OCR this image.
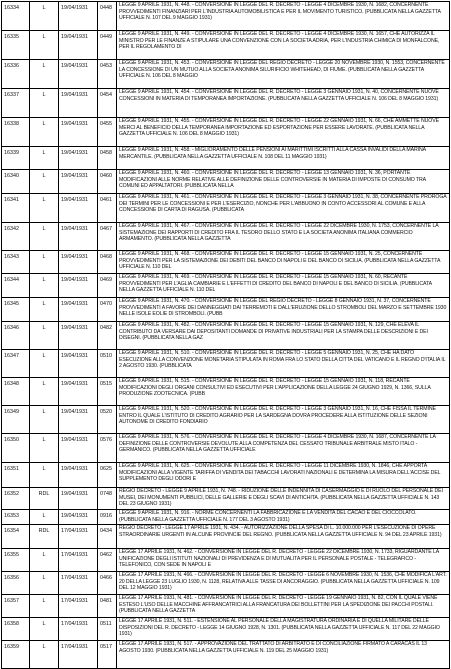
16334	L	19/04/1931	0448	LEGGE 9 APRILE 1931, N. 448. - CONVERSIONE IN LEGGE DEL R. DECRETO - LEGGE 4 DICEMBRE 1930, N. 1682, CONCERNENTE PROVVEDIMENTI FINANZIARI PER L'INDUSTRIA AUTOMOBILISTICA E PER IL MOVIMENTO TURISTICO. (PUBBLICATA NELLA GAZZETTA UFFICIALE N. 107 DEL 9 MAGGIO 1931)
16335	L	19/04/1931	0449	LEGGE 9 APRILE 1931, N. 449. - CONVERSIONE IN LEGGE DEL R. DECRETO - LEGGE 4 DICEMBRE 1930, N. 1657, CHE AUTORIZZA IL MINISTRO PER LE FINANZE A STIPULARE UNA CONVENZIONE CON LA SOCIETA ADRIA, PER L'INDUSTRIA CHIMICA DI MONFALCONE, PER IL REGOLAMENTO DI
16336	L	19/04/1931	0453	LEGGE 9 APRILE 1931, N. 453. - CONVERSIONE IN LEGGE DEL REGIO DECRETO - LEGGE 20 NOVEMBRE 1930, N. 1553, CONCERNENTE LA CONCESSIONE DI UN MUTUO ALLA SOCIETA ANONIMA SILURIFICIO WHITEHEAD, DI FIUME. (PUBBLICATA NELLA GAZZETTA UFFICIALE N. 106 DEL 8 MAGGIO
16337	L	19/04/1931	0454	LEGGE 9 APRILE 1931, N. 454. - CONVERSIONE IN LEGGE DEL R. DECRETO - LEGGE 3 GENNAIO 1931, N. 40, CONCERNENTE NUOVE CONCESSIONI IN MATERIA DI TEMPORANEA IMPORTAZIONE. (PUBBLICATA NELLA GAZZETTA UFFICIALE N. 106 DEL 8 MAGGIO 1931)
16338	L	19/04/1931	0455	LEGGE 9 APRILE 1931, N. 455. - CONVERSIONE IN LEGGE DEL R. DECRETO - LEGGE 22 GENNAIO 1931, N. 66, CHE AMMETTE NUOVE MERCI AL BENEFICIO DELLA TEMPORANEA IMPORTAZIONE ED ESPORTAZIONE PER ESSERE LAVORATE. (PUBBLICATA NELLA GAZZETTA UFFICIALE N. 106 DEL 8 MAGGIO 1931)
16339	L	19/04/1931	0458	LEGGE 9 APRILE 1931, N. 458. - MIGLIORAMENTO DELLE PENSIONI AI MARITTIMI ISCRITTI ALLA CASSA INVALIDI DELLA MARINA MERCANTILE. (PUBBLICATA NELLA GAZZETTA UFFICIALE N. 108 DEL 11 MAGGIO 1931)
16340	L	19/04/1931	0460	LEGGE 9 APRILE 1931, N. 460. - CONVERSIONE IN LEGGE DEL R. DECRETO - LEGGE 13 GENNAIO 1931, N. 36, PORTANTE MODIFICAZIONI ALLE NORME RELATIVE ALLE DEFINIZIONE DELLE CONTROVERSIE IN MATERIA DI IMPOSTE DI CONSUMO TRA COMUNI ED APPALTATORI. (PUBBLICATA NELLA
16341	L	19/04/1931	0461	LEGGE 9 APRILE 1931, N. 461. - CONVERSIONE IN LEGGE DEL R. DECRETO - LEGGE 3 GENNAIO 1931, N. 38, CONCERNENTE PROROGA DEI TERMINI PER LE CONCESSIONI E PER L'ESERCIZIO, NONCHE PER L'ABBUONO IN CONTO ACCESSORI AL COMUNE E ALLA CONCESSIONE DI CARTA DI RAGUSA. (PUBBLICATA
16342	L	19/04/1931	0467	LEGGE 9 APRILE 1931, N. 467. - CONVERSIONE IN LEGGE DEL R. DECRETO - LEGGE 22 DICEMBRE 1930, N. 1753, CONCERNENTE LA SISTEMAZIONE DEI RAPPORTI DI CREDITO FRA IL TESORO DELLO STATO E LA SOCIETA ANONIMA ITALIANA COMMERCIO ARMAMENTO. (PUBBLICATA NELLA GAZZETTA
16343	L	19/04/1931	0468	LEGGE 9 APRILE 1931, N. 468. - CONVERSIONE IN LEGGE DEL R. DECRETO - LEGGE 15 GENNAIO 1931, N. 25, CONCERNENTE PROVVEDIMENTI PER LA SISTEMAZIONE DEI DEBITI DEL BANCO DI NAPOLI E DEL BANCO DI SICILIA. (PUBBLICATA NELLA GAZZETTA UFFICIALE N. 110 DEL
16344	L	19/04/1931	0469	LEGGE 9 APRILE 1931, N. 469. - CONVERSIONE IN LEGGE DEL R. DECRETO - LEGGE 15 GENNAIO 1931, N. 60, RECANTE PROVVEDIMENTI PER L'AGLIA CAMBIARIE E L'EFFETTI DI CREDITO DEL BANCO DI NAPOLI E DEL BANCO DI SICILIA. (PUBBLICATA NELLA GAZZETTA UFFICIALE N. 110 DEL
16345	L	19/04/1931	0470	LEGGE 9 APRILE 1931, N. 470. - CONVERSIONE IN LEGGE DEL REGIO DECRETO - LEGGE 8 GENNAIO 1931, N. 37, CONCERNENTE PROVVEDIMENTI A FAVORE DEI DANNEGGIATI DAI TERREMOTI E DALL'ERUZIONE DELLO STROMBOLI DEL MARZO E SETTEMBRE 1930 NELLE ISOLE EOLIE DI STROMBOLI. (PUBB
16346	L	19/04/1931	0482	LEGGE 9 APRILE 1931, N. 482. - CONVERSIONE IN LEGGE DEL R. DECRETO - LEGGE 15 GENNAIO 1931, N. 129, CHE ELEVA IL CONTRIBUTO DA VERSARE DAI DEPOSITANTI DOMANDE DI PRIVATIVE INDUSTRIALI PER LA STAMPA DELLE DESCRIZIONI E DEI DISEGNI. (PUBBLICATA NELLA GAZ
16347	L	19/04/1931	0510	LEGGE 9 APRILE 1931, N. 510. - CONVERSIONE IN LEGGE DEL R. DECRETO - LEGGE 5 GENNAIO 1931, N. 25, CHE HA DATO ESECUZIONE ALLA CONVENZIONE MONETARIA STIPULATA IN ROMA FRA LO STATO DELLA CITTA DEL VATICANO E IL REGNO D'ITALIA IL 2 AGOSTO 1930. (PUBBLICATA
16348	L	19/04/1931	0515	LEGGE 9 APRILE 1931, N. 515. - CONVERSIONE IN LEGGE DEL R. DECRETO - LEGGE 15 GENNAIO 1931, N. 118, RECANTE MODIFICAZIONI DEGLI ORGANI CONSULTIVI ED ESECUTIVI PER L'APPLICAZIONE DELLA LEGGE 24 GIUGNO 1929, N. 1366, SULLA PRODUZIONE ZOOTECNICA. (PUBB
16349	L	19/04/1931	0520	LEGGE 9 APRILE 1931, N. 520. - CONVERSIONE IN LEGGE DEL R. DECRETO - LEGGE 3 GENNAIO 1931, N. 16, CHE FISSA IL TERMINE ENTRO IL QUALE L'ISTITUTO DI CREDITO AGRARIO PER LA SARDEGNA DOVRA PROCEDERE ALLA ISTITUZIONE DELLE SEZIONI AUTONOME DI CREDITO FONDIARIO
16350	L	19/04/1931	0576	LEGGE 9 APRILE 1931, N. 576. - CONVERSIONE IN LEGGE DEL R. DECRETO - LEGGE 4 DICEMBRE 1930, N. 1687, CONCERNENTE LA DEFINIZIONE DELLE CONTROVERSIE DEVOLUTE ALLA COMPETENZA DEL CESSATO TRIBUNALE ARBITRALE MISTO ITALO - GERMANICO. (PUBBLICATA NELLA GAZZETTA UFFICIALE
16351	L	19/04/1931	0625	LEGGE 9 APRILE 1931, N. 625. - CONVERSIONE IN LEGGE DEL R. DECRETO - LEGGE 11 DICEMBRE 1930, N. 1846, CHE APPORTA MODIFICAZIONI ALLA VIGENTE TARIFFA DI VENDITA DEI TABACCHI LAVORATI NAZIONALI E DETERMINA LA MISURA DELL'ACCISE DEL SUPPLEMENTO DEGLI ODORI E
16352	RDL	19/04/1931	0748	REGIO DECRETO - LEGGE 9 APRILE 1931, N. 748. - RIDUZIONE DELLE INDENNITA DI CASERMAGGIO E DI RUOLO DEL PERSONALE DEI MUSEI, DEI MONUMENTI PUBBLICI, DELLE GALLERIE E DEGLI SCAVI DI ANTICHITA. (PUBBLICATA NELLA GAZZETTA UFFICIALE N. 143 DEL 23 GIUGNO 1931)
16353	L	19/04/1931	0916	LEGGE 9 APRILE 1931, N. 916. - NORME CONCERNENTI LA FABBRICAZIONE E LA VENDITA DEL CACAO E DEL CIOCCOLATO. (PUBBLICATA NELLA GAZZETTA UFFICIALE N. 177 DEL 3 AGOSTO 1931)
16354	RDL	17/04/1931	0434	REGIO DECRETO - LEGGE 17 APRILE 1931, N. 434. - AUTORIZZAZIONE DELLA SPESA DI L. 10.000.000 PER L'ESECUZIONE DI OPERE STRAORDINARIE URGENTI IN ALCUNE PROVINCIE DEL REGNO. (PUBBLICATA NELLA GAZZETTA UFFICIALE N. 94 DEL 23 APRILE 1931)
16355	L	17/04/1931	0462	LEGGE 17 APRILE 1931, N. 462. - CONVERSIONE IN LEGGE DEL R. DECRETO - LEGGE 22 DICEMBRE 1930, N. 1733, RIGUARDANTE LA UNIFICAZIONE DEGLI ISTITUTI NAZIONALI DI PREVIDENZA E DI MUTUALITA PER IL PERSONALE POSTALE - TELEGRAFICO - TELEFONICO, CON SEDE IN NAPOLI E
16356	L	17/04/1931	0466	LEGGE 17 APRILE 1931, N. 466. - CONVERSIONE IN LEGGE DEL R. DECRETO - LEGGE 6 NOVEMBRE 1930, N. 1536, CHE MODIFICA L'ART. 20 DELLA LEGGE 23 LUGLIO 1930, N. 1128, RELATIVA ALLE TASSE DI ANCORAGGIO. (PUBBLICATA NELLA GAZZETTA UFFICIALE N. 109 DEL 12 MAGGIO 1931)
16357	L	17/04/1931	0481	LEGGE 17 APRILE 1931, N. 481. - CONVERSIONE IN LEGGE DEL R. DECRETO - LEGGE 19 GENNAIO 1931, N. 82, CON IL QUALE VIENE ESTESO L'USO DELLE MACCHINE AFFRANCATRICI ALLA FRANCATURA DEI BOLLETTINI PER LA SPEDIZIONE DEI PACCHI POSTALI. (PUBBLICATA NELLA GAZZETTA
16358	L	17/04/1931	0511	LEGGE 17 APRILE 1931, N. 511. - ESTENSIONE AL PERSONALE DELLA MAGISTRATURA ORDINARIA E DI QUELLA MILITARE DELLE DISPOSIZIONI DEL R. DECRETO - LEGGE 14 GIUGNO 1928, N. 1301. (PUBBLICATA NELLA GAZZETTA UFFICIALE N. 117 DEL 22 MAGGIO 1931)
16359	L	17/04/1931	0517	LEGGE 17 APRILE 1931, N. 517. - APPROVAZIONE DEL TRATTATO DI ARBITRATO E DI CONCILIAZIONE FIRMATO A CARACAS IL 13 AGOSTO 1930. (PUBBLICATA NELLA GAZZETTA UFFICIALE N. 119 DEL 25 MAGGIO 1931)
